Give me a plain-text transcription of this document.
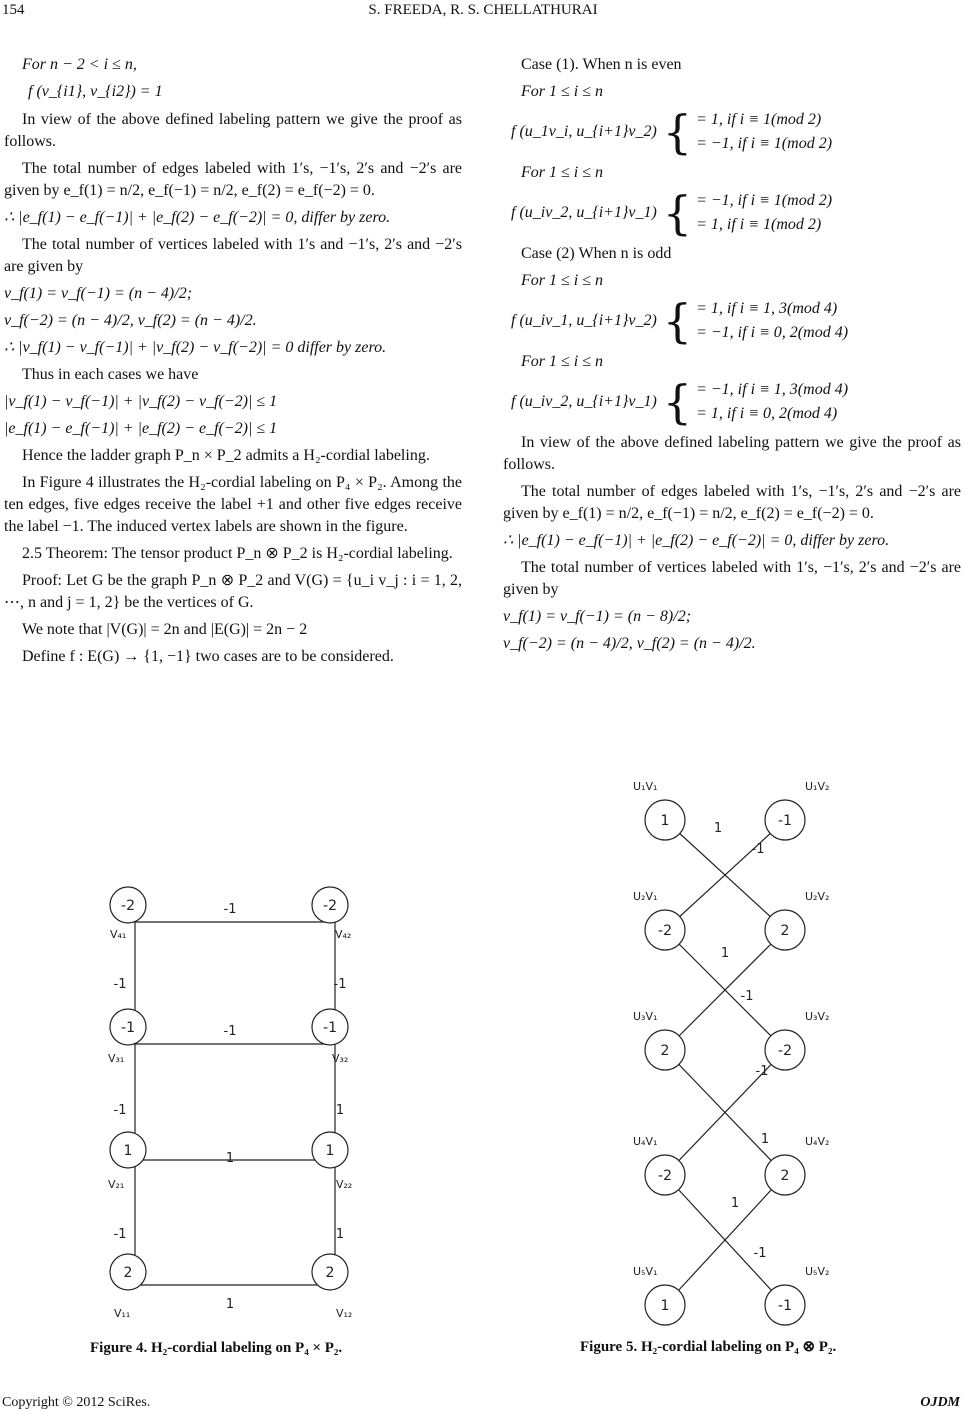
154	S. FREEDA, R. S. CHELLATHURAI

For n − 2 < i ≤ n,

f (v_{i1}, v_{i2}) = 1

In view of the above defined labeling pattern we give the proof as follows.

The total number of edges labeled with 1′s, −1′s, 2′s and −2′s are given by e_f(1) = n/2, e_f(−1) = n/2, e_f(2) = e_f(−2) = 0.

∴ |e_f(1) − e_f(−1)| + |e_f(2) − e_f(−2)| = 0, differ by zero.

The total number of vertices labeled with 1′s and −1′s, 2′s and −2′s are given by

v_f(1) = v_f(−1) = (n − 4)/2;

v_f(−2) = (n − 4)/2, v_f(2) = (n − 4)/2.

∴ |v_f(1) − v_f(−1)| + |v_f(2) − v_f(−2)| = 0 differ by zero.

Thus in each cases we have

|v_f(1) − v_f(−1)| + |v_f(2) − v_f(−2)| ≤ 1

|e_f(1) − e_f(−1)| + |e_f(2) − e_f(−2)| ≤ 1

Hence the ladder graph P_n × P_2 admits a H₂-cordial labeling.

In Figure 4 illustrates the H₂-cordial labeling on P₄ × P₂. Among the ten edges, five edges receive the label +1 and other five edges receive the label −1. The induced vertex labels are shown in the figure.

2.5 Theorem: The tensor product P_n ⊗ P_2 is H₂-cordial labeling.

Proof: Let G be the graph P_n ⊗ P_2 and V(G) = {u_i v_j : i = 1, 2, ⋯, n and j = 1, 2} be the vertices of G.

We note that |V(G)| = 2n and |E(G)| = 2n − 2

Define f : E(G) → {1, −1} two cases are to be considered.

Case (1). When n is even

For 1 ≤ i ≤ n

f (u_1v_i, u_{i+1}v_2) { = 1, if i ≡ 1(mod 2)
= −1, if i ≡ 1(mod 2)

For 1 ≤ i ≤ n

f (u_iv_2, u_{i+1}v_1) { = −1, if i ≡ 1(mod 2)
= 1, if i ≡ 1(mod 2)

Case (2) When n is odd

For 1 ≤ i ≤ n

f (u_iv_1, u_{i+1}v_2) { = 1, if i ≡ 1, 3(mod 4)
= −1, if i ≡ 0, 2(mod 4)

For 1 ≤ i ≤ n

f (u_iv_2, u_{i+1}v_1) { = −1, if i ≡ 1, 3(mod 4)
= 1, if i ≡ 0, 2(mod 4)

In view of the above defined labeling pattern we give the proof as follows.

The total number of edges labeled with 1′s, −1′s, 2′s and −2′s are given by e_f(1) = n/2, e_f(−1) = n/2, e_f(2) = e_f(−2) = 0.

∴ |e_f(1) − e_f(−1)| + |e_f(2) − e_f(−2)| = 0, differ by zero.

The total number of vertices labeled with 1′s, −1′s, 2′s and −2′s are given by

v_f(1) = v_f(−1) = (n − 8)/2;

v_f(−2) = (n − 4)/2, v_f(2) = (n − 4)/2.

-2
V₄₁
-2
V₄₂
-1
V₃₁
-1
V₃₂
1
V₂₁
1
V₂₂
2
V₁₁
2
V₁₂
-1
-1	-1
-1
-1	1
1
-1	1
1
Figure 4. H₂-cordial labeling on P₄ × P₂.
1
U₁V₁
-1
U₁V₂
-2
U₂V₁
2
U₂V₂
2
U₃V₁
-2
U₃V₂
-2
U₄V₁
2
U₄V₂
1
U₅V₁
-1
U₅V₂
1
-1
1
-1
-1
1
1
-1
Figure 5. H₂-cordial labeling on P₄ ⊗ P₂.
Copyright © 2012 SciRes.	OJDM
